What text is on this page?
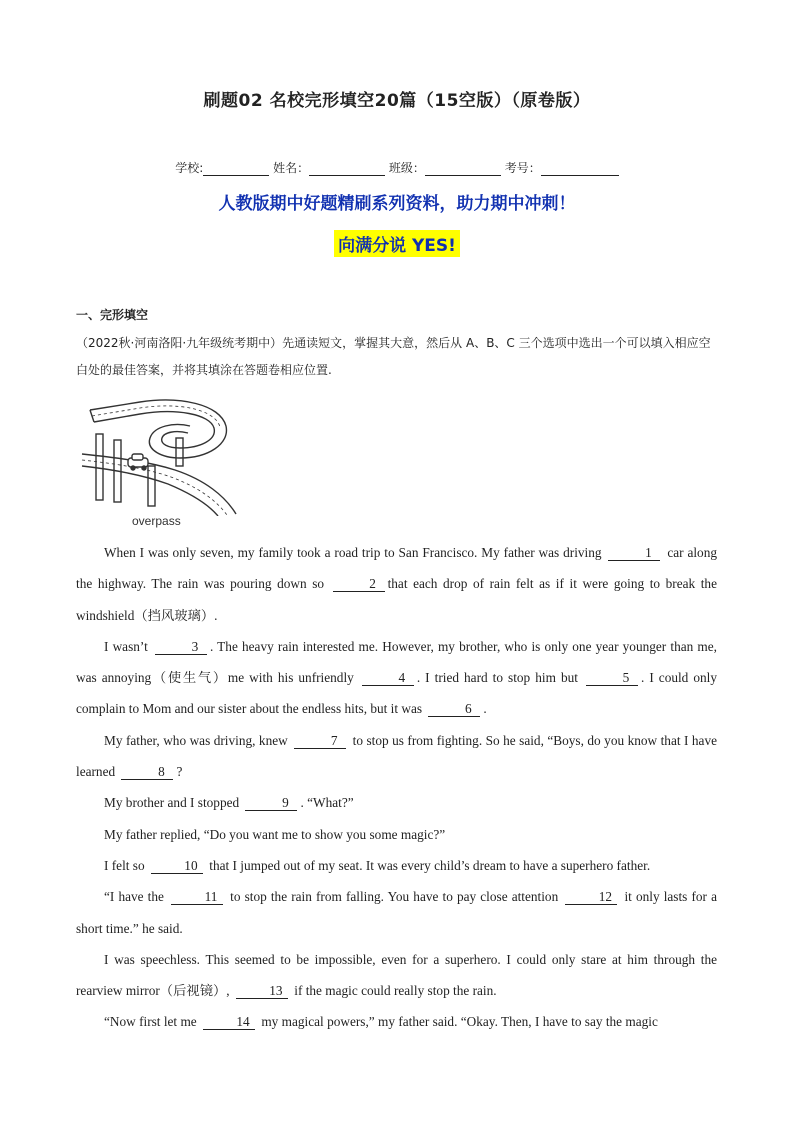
刷题02 名校完形填空20篇（15空版）（原卷版）
学校:	姓名：	班级：	考号：
人教版期中好题精刷系列资料，助力期中冲刺！
向满分说 YES!
一、完形填空
（2022秋·河南洛阳·九年级统考期中）先通读短文，掌握其大意，然后从 A、B、C 三个选项中选出一个可以填入相应空白处的最佳答案，并将其填涂在答题卷相应位置.
overpass

When I was only seven, my family took a road trip to San Francisco. My father was driving	1 car along the highway. The rain was pouring down so	2 that each drop of rain felt as if it were going to break the windshield（挡风玻璃）.

I wasn’t	3 . The heavy rain interested me. However, my brother, who is only one year younger than me, was annoying（使生气）me with his unfriendly	4 . I tried hard to stop him but	5 . I could only complain to Mom and our sister about the endless hits, but it was	6 .

My father, who was driving, knew	7 to stop us from fighting. So he said, “Boys, do you know that I have learned	8 ?

My brother and I stopped	9 . “What?”

My father replied, “Do you want me to show you some magic?”

I felt so	10 that I jumped out of my seat. It was every child’s dream to have a superhero father.

“I have the	11 to stop the rain from falling. You have to pay close attention	12 it only lasts for a short time.” he said.

I was speechless. This seemed to be impossible, even for a superhero. I could only stare at him through the rearview mirror（后视镜）,	13 if the magic could really stop the rain.

“Now first let me	14 my magical powers,” my father said. “Okay. Then, I have to say the magic
